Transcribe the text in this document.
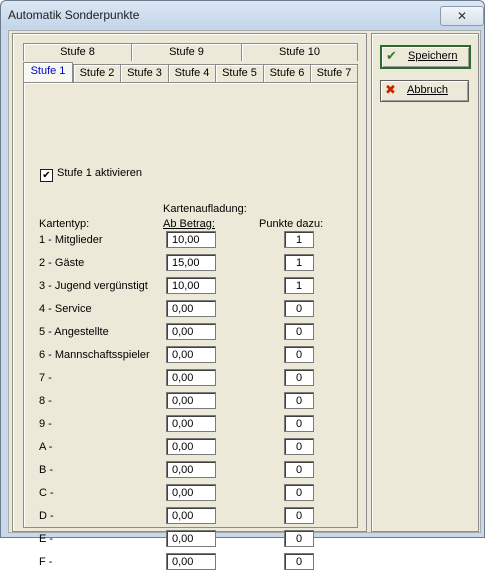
Automatik Sonderpunkte	✕
Stufe 8	Stufe 9	Stufe 10
Stufe 1	Stufe 2	Stufe 3	Stufe 4	Stufe 5	Stufe 6	Stufe 7
✔ Stufe 1 aktivieren
Kartenaufladung:
Kartentyp:	Ab Betrag:	Punkte dazu:
1 - Mitglieder	10,00	1
2 - Gäste	15,00	1
3 - Jugend vergünstigt	10,00	1
4 - Service	0,00	0
5 - Angestellte	0,00	0
6 - Mannschaftsspieler	0,00	0
7 -	0,00	0
8 -	0,00	0
9 -	0,00	0
A -	0,00	0
B -	0,00	0
C -	0,00	0
D -	0,00	0
E -	0,00	0
F -	0,00	0
✔ Speichern
✖ Abbruch
